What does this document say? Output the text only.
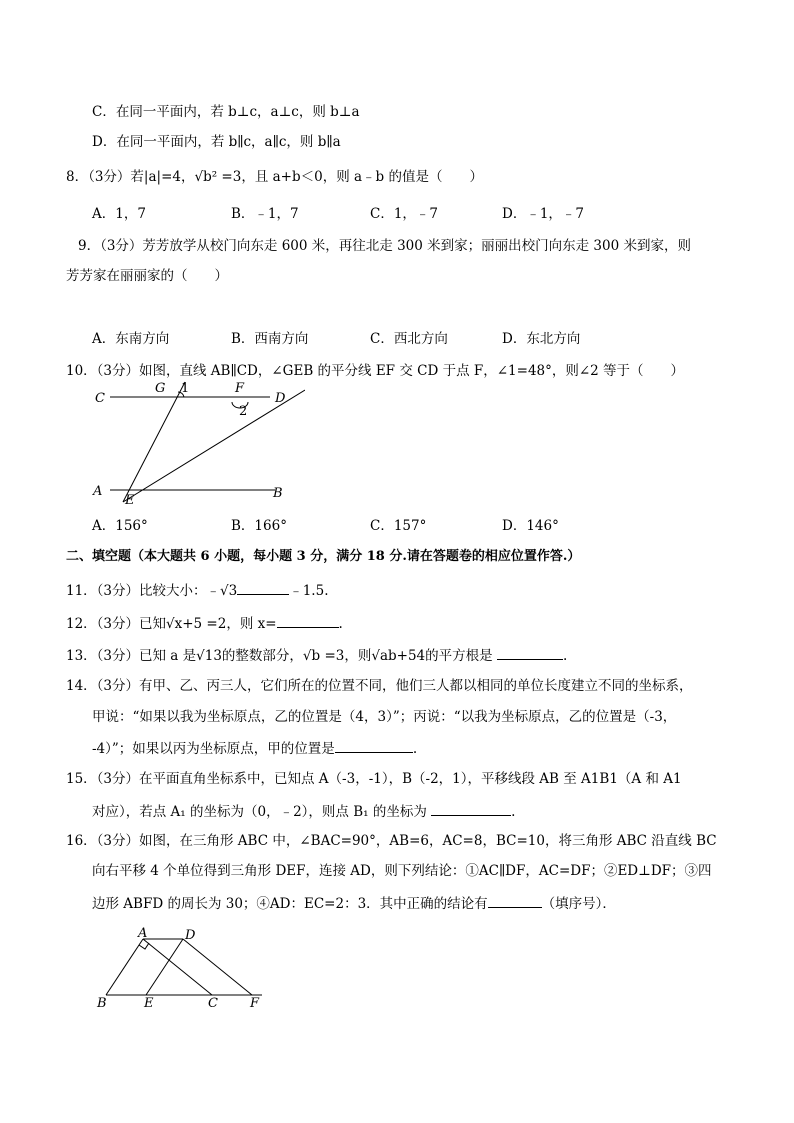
C．在同一平面内，若 b⊥c，a⊥c，则 b⊥a
D．在同一平面内，若 b∥c，a∥c，则 b∥a
8．（3分）若|a|=4，√b² =3，且 a+b＜0，则 a﹣b 的值是（　　）
A．1，7	B．﹣1，7	C．1，﹣7	D．﹣1，﹣7
9．（3分）芳芳放学从校门向东走 600 米，再往北走 300 米到家；丽丽出校门向东走 300 米到家，则
芳芳家在丽丽家的（　　）
A．东南方向	B．西南方向	C．西北方向	D．东北方向
10．（3分）如图，直线 AB∥CD，∠GEB 的平分线 EF 交 CD 于点 F，∠1=48°，则∠2 等于（　　）
C
G 1	F
D
2
A
E	B
A．156°	B．166°	C．157°	D．146°
二、填空题（本大题共 6 小题，每小题 3 分，满分 18 分.请在答题卷的相应位置作答.）
11．（3分）比较大小：﹣√3	﹣1.5.
12．（3分）已知√x+5 =2，则 x=	.
13．（3分）已知 a 是√13的整数部分，√b =3，则√ab+54的平方根是	.
14．（3分）有甲、乙、丙三人，它们所在的位置不同，他们三人都以相同的单位长度建立不同的坐标系，
甲说：“如果以我为坐标原点，乙的位置是（4，3）”；丙说：“以我为坐标原点，乙的位置是（-3，
-4）”；如果以丙为坐标原点，甲的位置是	.
15．（3分）在平面直角坐标系中，已知点 A（-3，-1），B（-2，1），平移线段 AB 至 A1B1（A 和 A1
对应），若点 A₁ 的坐标为（0，﹣2），则点 B₁ 的坐标为	.
16．（3分）如图，在三角形 ABC 中，∠BAC=90°，AB=6，AC=8，BC=10，将三角形 ABC 沿直线 BC
向右平移 4 个单位得到三角形 DEF，连接 AD，则下列结论：①AC∥DF，AC=DF；②ED⊥DF；③四
边形 ABFD 的周长为 30；④AD：EC=2：3．其中正确的结论有	（填序号）．
A	D
B	E	C F
